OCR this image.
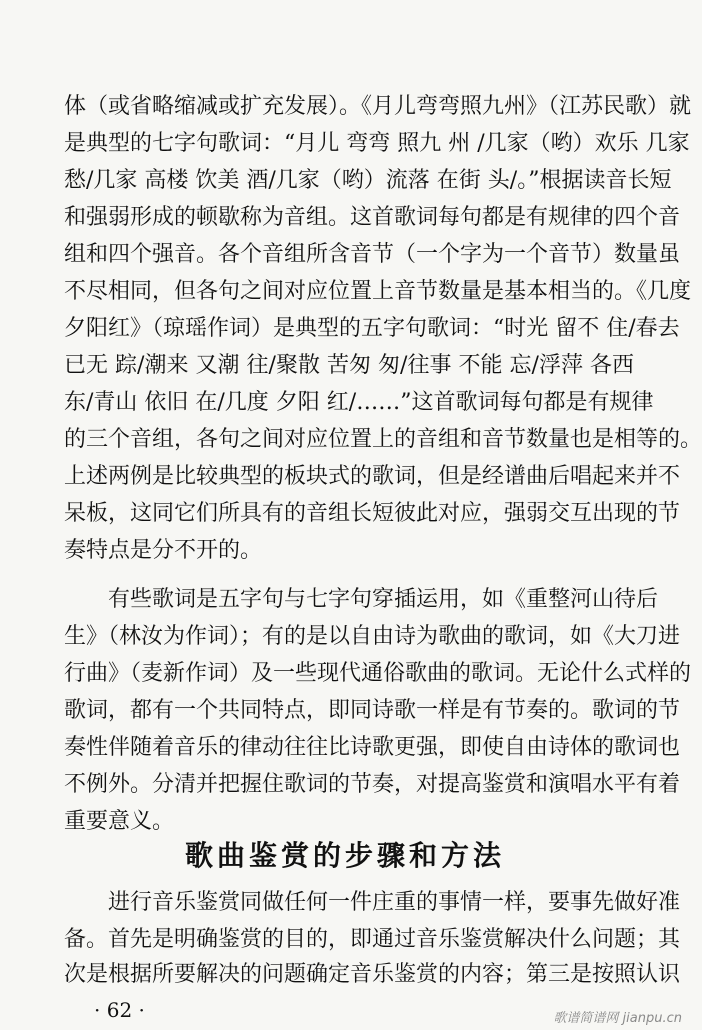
体（或省略缩减或扩充发展）。《月儿弯弯照九州》（江苏民歌）就
是典型的七字句歌词：“月儿 弯弯 照九 州 /几家（哟）欢乐 几家
愁/几家 高楼 饮美 酒/几家（哟）流落 在街 头/。”根据读音长短
和强弱形成的顿歇称为音组。这首歌词每句都是有规律的四个音
组和四个强音。各个音组所含音节（一个字为一个音节）数量虽
不尽相同，但各句之间对应位置上音节数量是基本相当的。《几度
夕阳红》（琼瑶作词）是典型的五字句歌词：“时光 留不 住/春去
已无 踪/潮来 又潮 往/聚散 苦匆 匆/往事 不能 忘/浮萍 各西
东/青山 依旧 在/几度 夕阳 红/……”这首歌词每句都是有规律
的三个音组，各句之间对应位置上的音组和音节数量也是相等的。
上述两例是比较典型的板块式的歌词，但是经谱曲后唱起来并不
呆板，这同它们所具有的音组长短彼此对应，强弱交互出现的节
奏特点是分不开的。
有些歌词是五字句与七字句穿插运用，如《重整河山待后
生》（林汝为作词）；有的是以自由诗为歌曲的歌词，如《大刀进
行曲》（麦新作词）及一些现代通俗歌曲的歌词。无论什么式样的
歌词，都有一个共同特点，即同诗歌一样是有节奏的。歌词的节
奏性伴随着音乐的律动往往比诗歌更强，即使自由诗体的歌词也
不例外。分清并把握住歌词的节奏，对提高鉴赏和演唱水平有着
重要意义。
歌曲鉴赏的步骤和方法
进行音乐鉴赏同做任何一件庄重的事情一样，要事先做好准
备。首先是明确鉴赏的目的，即通过音乐鉴赏解决什么问题；其
次是根据所要解决的问题确定音乐鉴赏的内容；第三是按照认识
· 62 ·	歌谱简谱网 jianpu.cn
